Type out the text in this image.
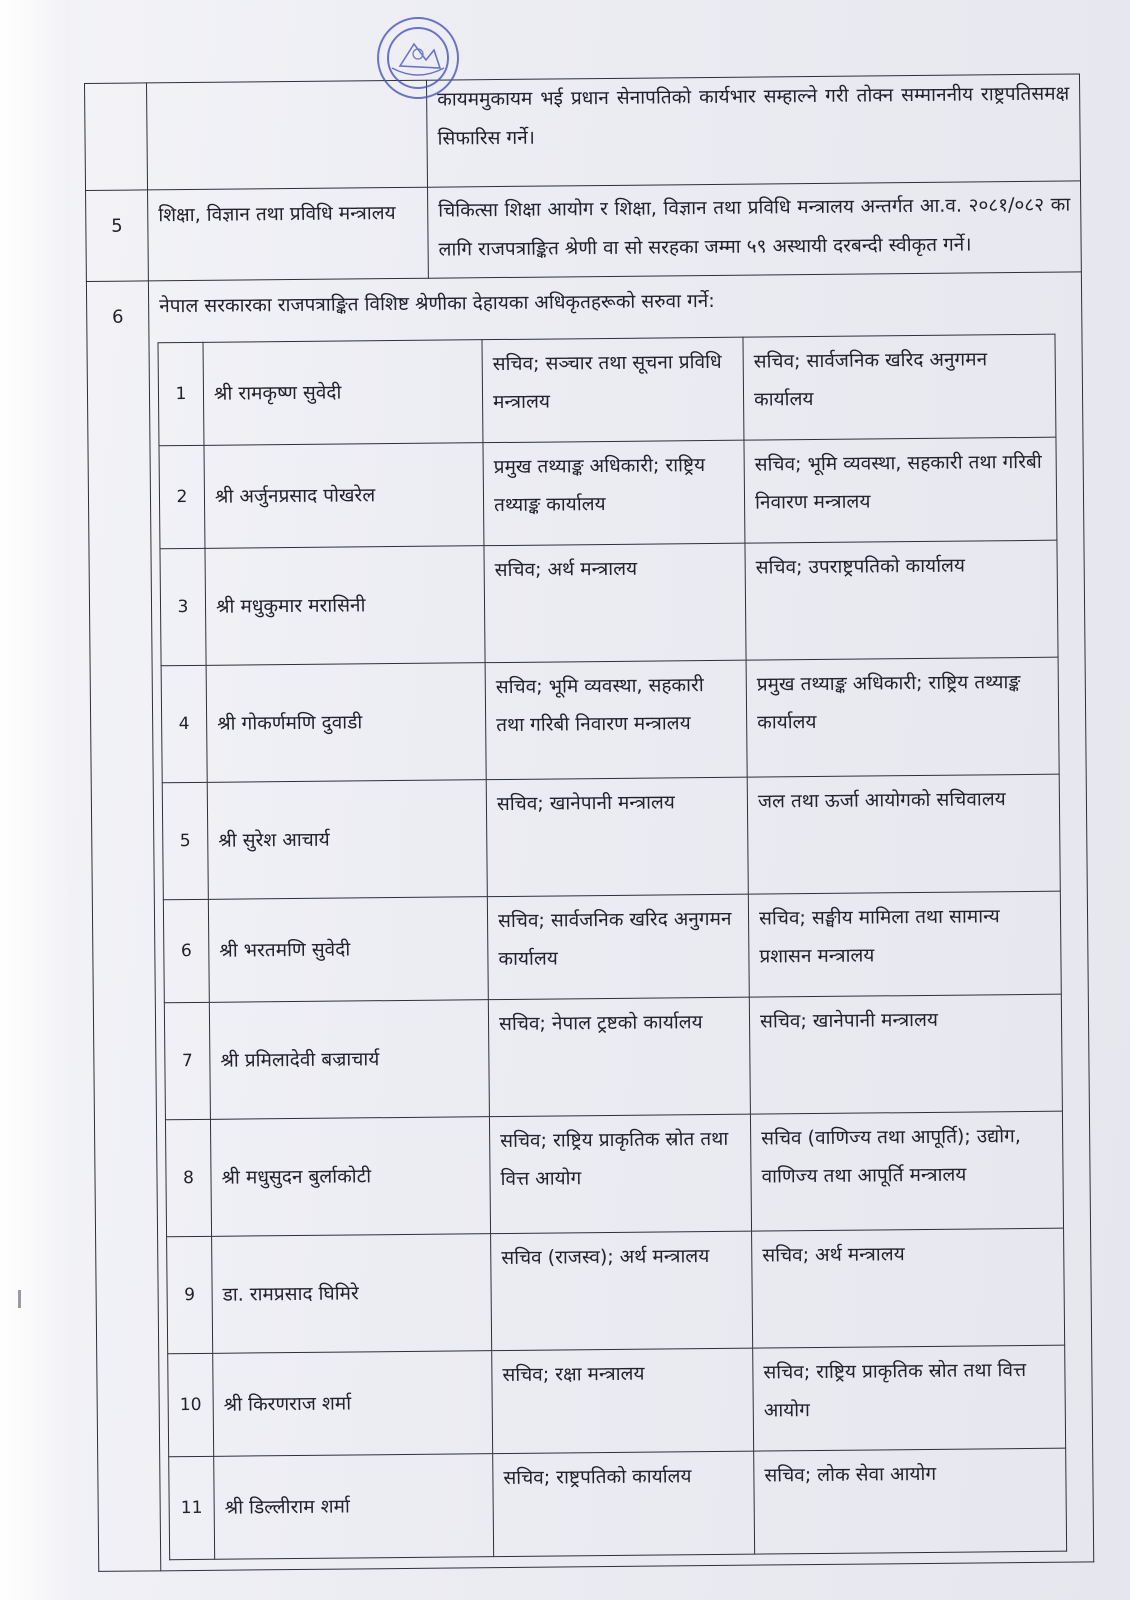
		कायममुकायम भई प्रधान सेनापतिको कार्यभार सम्हाल्ने गरी तोक्न सम्माननीय राष्ट्रपतिसमक्ष सिफारिस गर्ने।
5	शिक्षा, विज्ञान तथा प्रविधि मन्त्रालय	चिकित्सा शिक्षा आयोग र शिक्षा, विज्ञान तथा प्रविधि मन्त्रालय अन्तर्गत आ.व. २०८१/०८२ का लागि राजपत्राङ्कित श्रेणी वा सो सरहका जम्मा ५९ अस्थायी दरबन्दी स्वीकृत गर्ने।
6	नेपाल सरकारका राजपत्राङ्कित विशिष्ट श्रेणीका देहायका अधिकृतहरूको सरुवा गर्ने:
1	श्री रामकृष्ण सुवेदी	सचिव; सञ्चार तथा सूचना प्रविधि मन्त्रालय	सचिव; सार्वजनिक खरिद अनुगमन कार्यालय
2	श्री अर्जुनप्रसाद पोखरेल	प्रमुख तथ्याङ्क अधिकारी; राष्ट्रिय तथ्याङ्क कार्यालय	सचिव; भूमि व्यवस्था, सहकारी तथा गरिबी निवारण मन्त्रालय
3	श्री मधुकुमार मरासिनी	सचिव; अर्थ मन्त्रालय	सचिव; उपराष्ट्रपतिको कार्यालय
4	श्री गोकर्णमणि दुवाडी	सचिव; भूमि व्यवस्था, सहकारी तथा गरिबी निवारण मन्त्रालय	प्रमुख तथ्याङ्क अधिकारी; राष्ट्रिय तथ्याङ्क कार्यालय
5	श्री सुरेश आचार्य	सचिव; खानेपानी मन्त्रालय	जल तथा ऊर्जा आयोगको सचिवालय
6	श्री भरतमणि सुवेदी	सचिव; सार्वजनिक खरिद अनुगमन कार्यालय	सचिव; सङ्घीय मामिला तथा सामान्य प्रशासन मन्त्रालय
7	श्री प्रमिलादेवी बज्राचार्य	सचिव; नेपाल ट्रष्टको कार्यालय	सचिव; खानेपानी मन्त्रालय
8	श्री मधुसुदन बुर्लाकोटी	सचिव; राष्ट्रिय प्राकृतिक स्रोत तथा वित्त आयोग	सचिव (वाणिज्य तथा आपूर्ति); उद्योग, वाणिज्य तथा आपूर्ति मन्त्रालय
9	डा. रामप्रसाद घिमिरे	सचिव (राजस्व); अर्थ मन्त्रालय	सचिव; अर्थ मन्त्रालय
10	श्री किरणराज शर्मा	सचिव; रक्षा मन्त्रालय	सचिव; राष्ट्रिय प्राकृतिक स्रोत तथा वित्त आयोग
11	श्री डिल्लीराम शर्मा	सचिव; राष्ट्रपतिको कार्यालय	सचिव; लोक सेवा आयोग
